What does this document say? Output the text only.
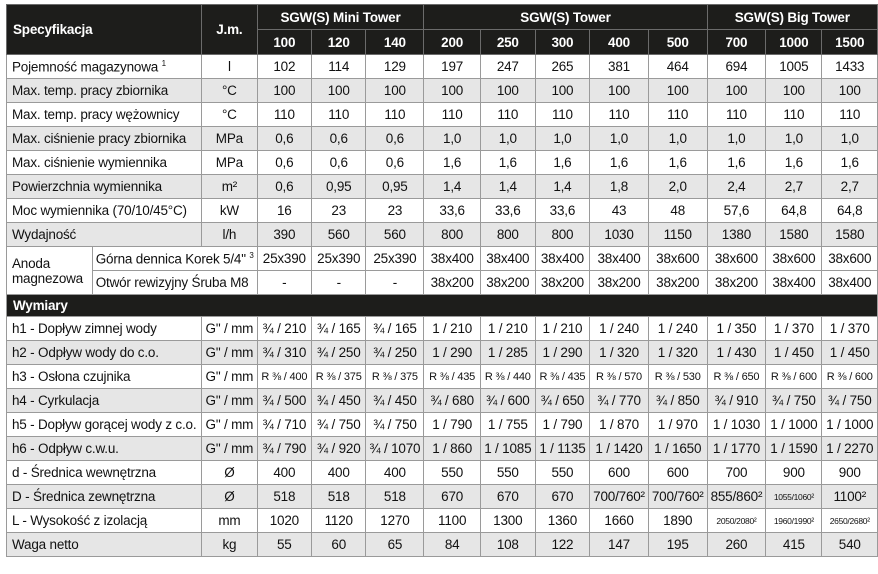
Specyfikacja		J.m.	SGW(S) Mini Tower			SGW(S) Tower					SGW(S) Big Tower		
			100	120	140	200	250	300	400	500	700	1000	1500
Pojemność magazynowa $^1$		l	102	114	129	197	247	265	381	464	694	1005	1433
Max. temp. pracy zbiornika		°C	100	100	100	100	100	100	100	100	100	100	100
Max. temp. pracy wężownicy		°C	110	110	110	110	110	110	110	110	110	110	110
Max. ciśnienie pracy zbiornika		MPa	0,6	0,6	0,6	1,0	1,0	1,0	1,0	1,0	1,0	1,0	1,0
Max. ciśnienie wymiennika		MPa	0,6	0,6	0,6	1,6	1,6	1,6	1,6	1,6	1,6	1,6	1,6
Powierzchnia wymiennika		m²	0,6	0,95	0,95	1,4	1,4	1,4	1,8	2,0	2,4	2,7	2,7
Moc wymiennika (70/10/45°C)		kW	16	23	23	33,6	33,6	33,6	43	48	57,6	64,8	64,8
Wydajność		l/h	390	560	560	800	800	800	1030	1150	1380	1580	1580
Anoda
magnezowa	Górna dennica Korek 5/4" $^3$		25x390	25x390	25x390	38x400	38x400	38x400	38x400	38x600	38x600	38x600	38x600
	Otwór rewizyjny Śruba M8		-	-	-	38x200	38x200	38x200	38x200	38x200	38x200	38x400	38x400
Wymiary													
h1 - Dopływ zimnej wody		G" / mm	¾ / 210	¾ / 165	¾ / 165	1 / 210	1 / 210	1 / 210	1 / 240	1 / 240	1 / 350	1 / 370	1 / 370
h2 - Odpływ wody do c.o.		G" / mm	¾ / 310	¾ / 250	¾ / 250	1 / 290	1 / 285	1 / 290	1 / 320	1 / 320	1 / 430	1 / 450	1 / 450
h3 - Osłona czujnika		G" / mm	R ⅜ / 400	R ⅜ / 375	R ⅜ / 375	R ⅜ / 435	R ⅜ / 440	R ⅜ / 435	R ⅜ / 570	R ⅜ / 530	R ⅜ / 650	R ⅜ / 600	R ⅜ / 600
h4 - Cyrkulacja		G" / mm	¾ / 500	¾ / 450	¾ / 450	¾ / 680	¾ / 600	¾ / 650	¾ / 770	¾ / 850	¾ / 910	¾ / 750	¾ / 750
h5 - Dopływ gorącej wody z c.o.		G" / mm	¾ / 710	¾ / 750	¾ / 750	1 / 790	1 / 755	1 / 790	1 / 870	1 / 970	1 / 1030	1 / 1000	1 / 1000
h6 - Odpływ c.w.u.		G" / mm	¾ / 790	¾ / 920	¾ / 1070	1 / 860	1 / 1085	1 / 1135	1 / 1420	1 / 1650	1 / 1770	1 / 1590	1 / 2270
d - Średnica wewnętrzna		Ø	400	400	400	550	550	550	600	600	700	900	900
D - Średnica zewnętrzna		Ø	518	518	518	670	670	670	700/760²	700/760²	855/860²	1055/1060²	1100²
L - Wysokość z izolacją		mm	1020	1120	1270	1100	1300	1360	1660	1890	2050/2080²	1960/1990²	2650/2680²
Waga netto		kg	55	60	65	84	108	122	147	195	260	415	540
